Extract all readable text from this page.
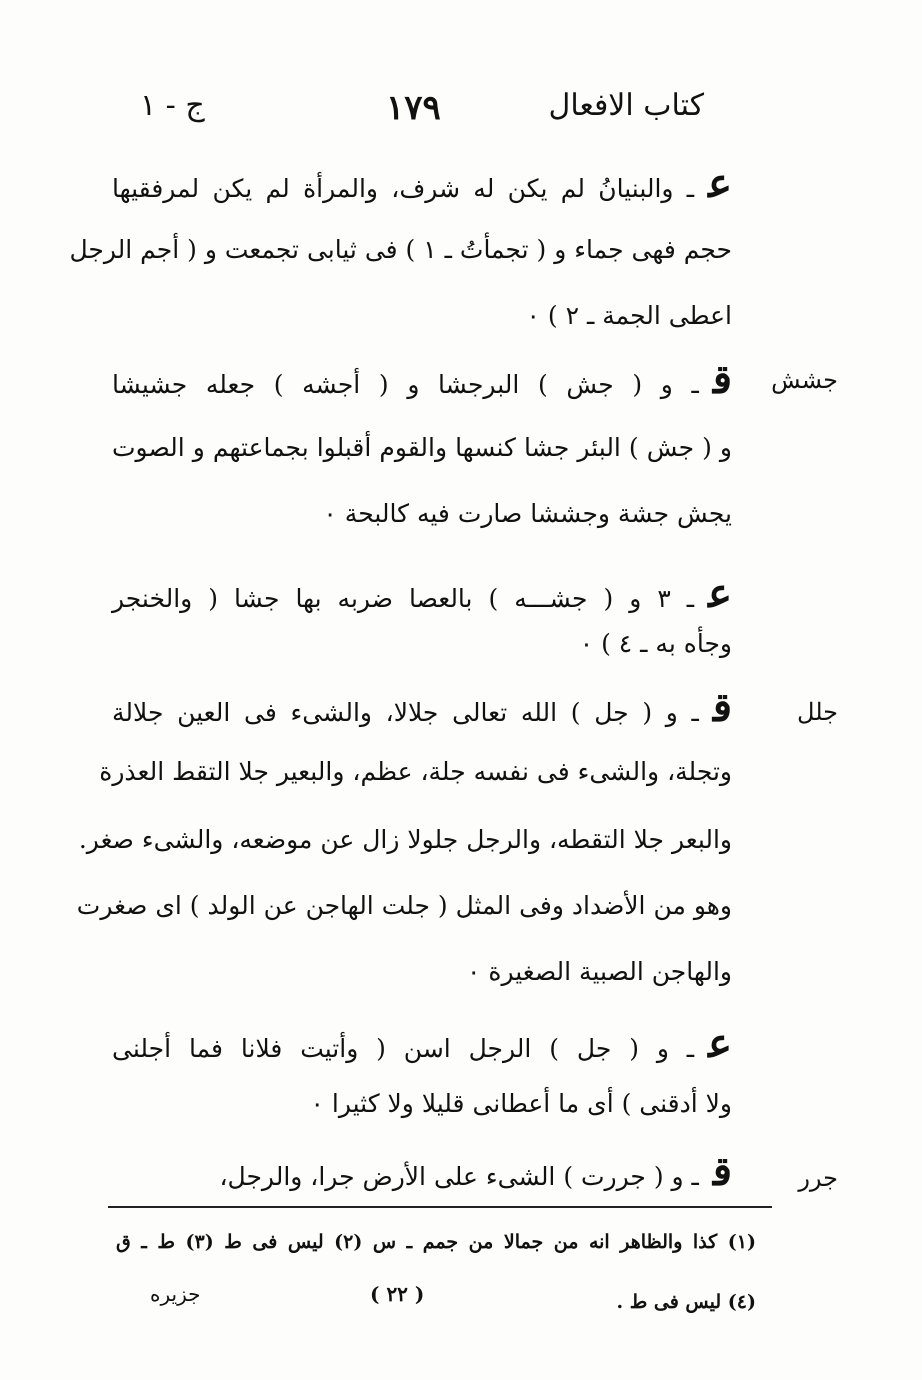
كتاب الافعال
١٧٩
ج - ١
عـ والبنيانُ لم يكن له شرف، والمرأة لم يكن لمرفقيها
حجم فهى جماء و ( تجمأتُ ـ ١ ) فى ثيابى تجمعت و ( أجم الرجل
اعطى الجمة ـ ٢ ) ٠
جشش
قـ و ( جش ) البرجشا و ( أجشه ) جعله جشيشا
و ( جش ) البئر جشا كنسها والقوم أقبلوا بجماعتهم و الصوت
يجش جشة وجششا صارت فيه كالبحة ٠
عـ ٣ و ( جشـــه ) بالعصا ضربه بها جشا ( والخنجر
وجأه به ـ ٤ ) ٠
جلل
قـ و ( جل ) الله تعالى جلالا، والشىء فى العين جلالة
وتجلة، والشىء فى نفسه جلة، عظم، والبعير جلا التقط العذرة
والبعر جلا التقطه، والرجل جلولا زال عن موضعه، والشىء صغر.
وهو من الأضداد وفى المثل ( جلت الهاجن عن الولد ) اى صغرت
والهاجن الصبية الصغيرة ٠
عـ و ( جل ) الرجل اسن ( وأتيت فلانا فما أجلنى
ولا أدقنى ) أى ما أعطانى قليلا ولا كثيرا ٠
جرر
قـ و ( جررت ) الشىء على الأرض جرا، والرجل،
(١) كذا والظاهر انه من جمالا من جمم ـ س (٢) ليس فى ط (٣) ط ـ ق
(٤) ليس فى ط .
( ٢٢ )
جزيره
